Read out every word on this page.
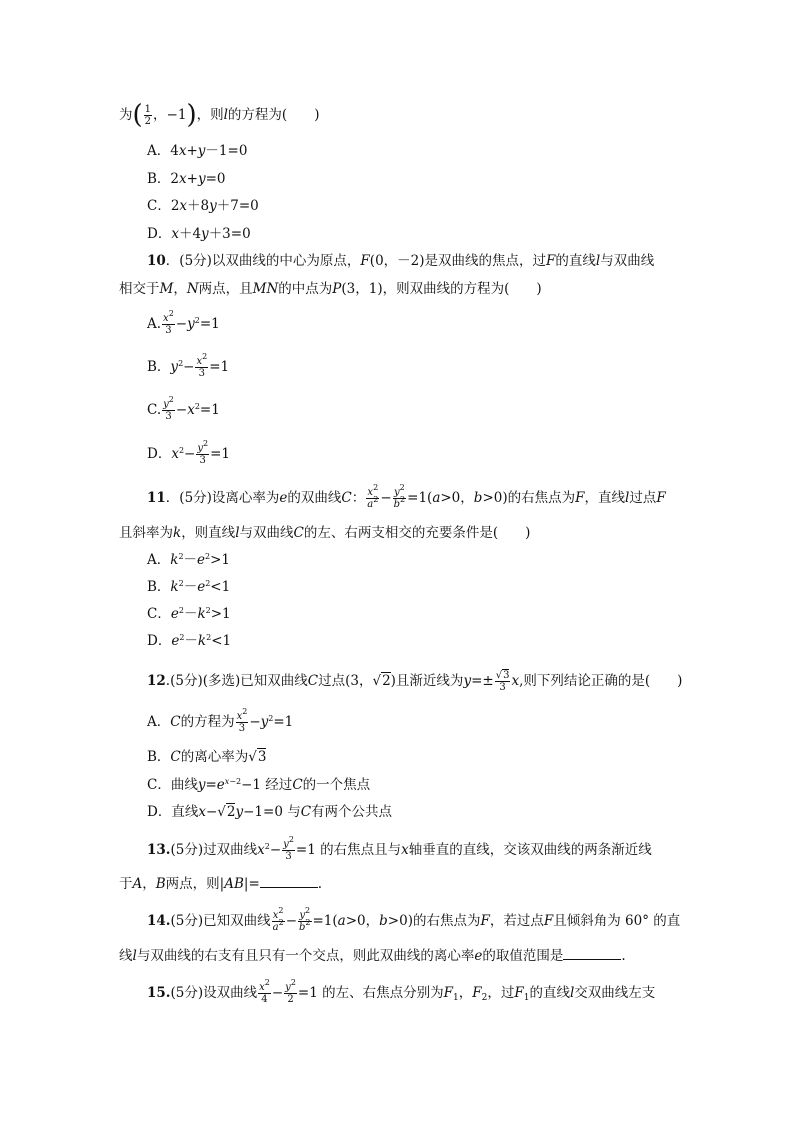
为( $\frac{1}{2}$ ，−1)，则l的方程为(　　)
A．4x+y－1=0
B．2x+y=0
C．2x＋8y＋7=0
D．x＋4y＋3=0
10．(5分)以双曲线的中心为原点，F(0，－2)是双曲线的焦点，过F的直线l与双曲线
相交于M，N两点，且MN的中点为P(3，1)，则双曲线的方程为(　　)
A. $\frac{x^2}{3} -y^2=1$
B．$y^2- \frac{x^2}{3} =1$
C. $\frac{y^2}{3} -x^2=1$
D．$x^2- \frac{y^2}{3} =1$
11．(5分)设离心率为e的双曲线C： $\frac{x^2}{a^2} - \frac{y^2}{b^2} =1(a>0$，b>0)的右焦点为F，直线l过点F
且斜率为k，则直线l与双曲线C的左、右两支相交的充要条件是(　　)
A．$k^2-e^2>1$
B．$k^2-e^2<1$
C．$e^2-k^2>1$
D．$e^2-k^2<1$
12.(5分)(多选)已知双曲线C过点(3，√2)且渐近线为$y=\pm \frac{√3}{3} x$,则下列结论正确的是(　　)
A．C的方程为 $\frac{x^2}{3} -y^2=1$
B．C的离心率为√3
C．曲线$y=e^{x-2}-1$ 经过C的一个焦点
D．直线x−√2y−1=0 与C有两个公共点
13.(5分)过双曲线$x^2- \frac{y^2}{3} =1$ 的右焦点且与x轴垂直的直线，交该双曲线的两条渐近线
于A，B两点，则|AB|=	.
14.(5分)已知双曲线 $\frac{x^2}{a^2} - \frac{y^2}{b^2} =1(a>0$，b>0)的右焦点为F，若过点F且倾斜角为 60° 的直
线l与双曲线的右支有且只有一个交点，则此双曲线的离心率e的取值范围是	.
15.(5分)设双曲线 $\frac{x^2}{4} - \frac{y^2}{2} =1$ 的左、右焦点分别为$F_1$，$F_2$，过$F_1$的直线l交双曲线左支
